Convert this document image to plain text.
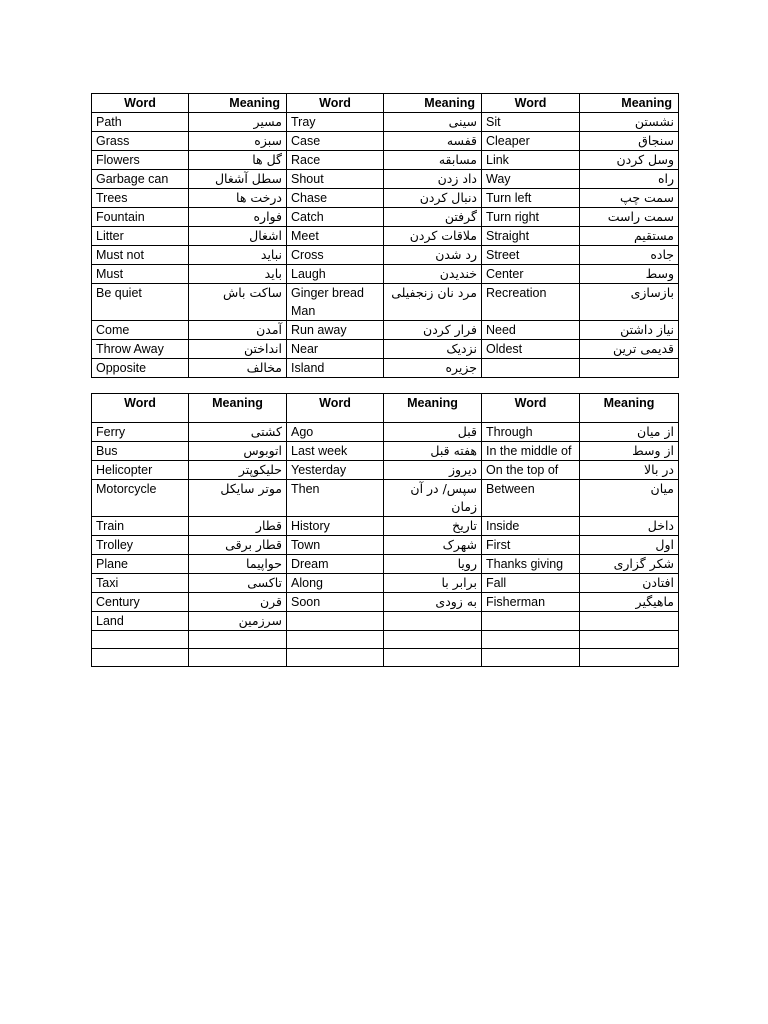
Word	Meaning	Word	Meaning	Word	Meaning
Path	مسیر	Tray	سینی	Sit	نشستن
Grass	سبزه	Case	قفسه	Cleaper	سنجاق
Flowers	گل ها	Race	مسابقه	Link	وسل کردن
Garbage can	سطل آشغال	Shout	داد زدن	Way	راه
Trees	درخت ها	Chase	دنبال کردن	Turn left	سمت چپ
Fountain	فواره	Catch	گرفتن	Turn right	سمت راست
Litter	اشغال	Meet	ملاقات کردن	Straight	مستقیم
Must not	نباید	Cross	رد شدن	Street	جاده
Must	باید	Laugh	خندیدن	Center	وسط
Be quiet	ساکت باش	Ginger bread Man	مرد نان زنجفیلی	Recreation	بازسازی
Come	آمدن	Run away	فرار کردن	Need	نیاز داشتن
Throw Away	انداختن	Near	نزدیک	Oldest	قدیمی ترین
Opposite	مخالف	Island	جزیره		
Word	Meaning	Word	Meaning	Word	Meaning
Ferry	کشتی	Ago	قبل	Through	از میان
Bus	اتوبوس	Last week	هفته قبل	In the middle of	از وسط
Helicopter	حلیکوپتر	Yesterday	دیروز	On the top of	در بالا
Motorcycle	موتر سایکل	Then	سپس/ در آن زمان	Between	میان
Train	قطار	History	تاریخ	Inside	داخل
Trolley	قطار برقی	Town	شهرک	First	اول
Plane	حواپیما	Dream	رویا	Thanks giving	شکر گزاری
Taxi	تاکسی	Along	برابر با	Fall	افتادن
Century	قرن	Soon	به زودی	Fisherman	ماهیگیر
Land	سرزمین				
